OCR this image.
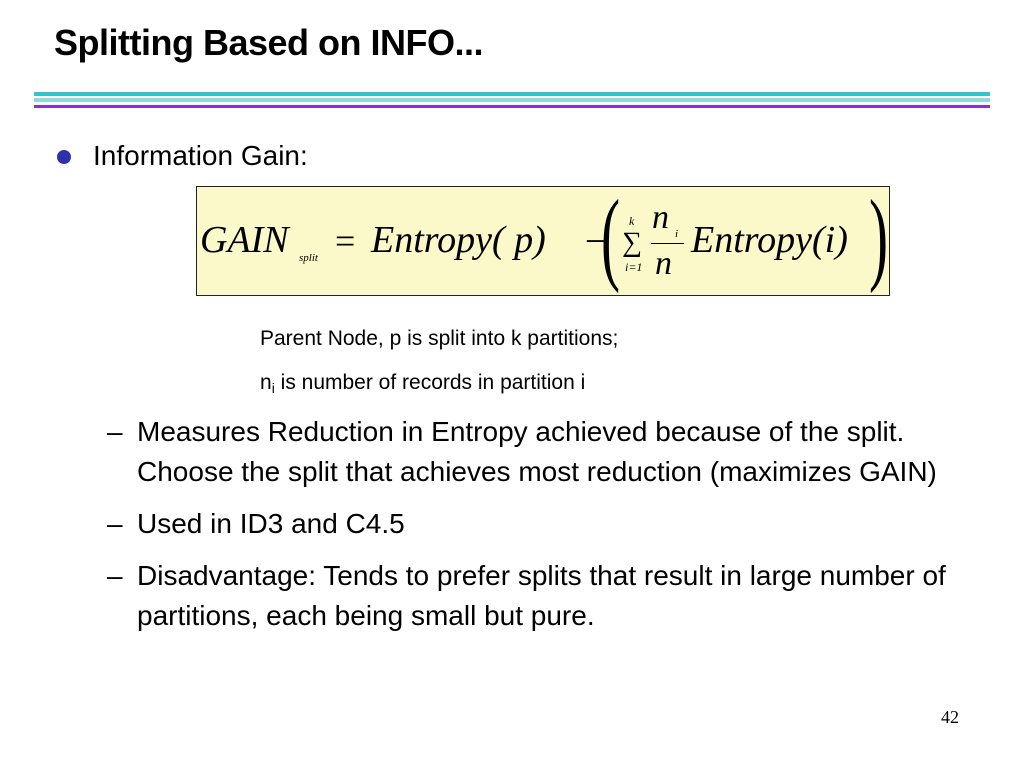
Splitting Based on INFO...
Information Gain:
GAIN split = Entropy( p) −
( k
∑
i=1
n i
n
Entropy(i) )
Parent Node, p is split into k partitions;
$n_i$ is number of records in partition i
– Measures Reduction in Entropy achieved because of the split. Choose the split that achieves most reduction (maximizes GAIN)
– Used in ID3 and C4.5
– Disadvantage: Tends to prefer splits that result in large number of partitions, each being small but pure.
42
